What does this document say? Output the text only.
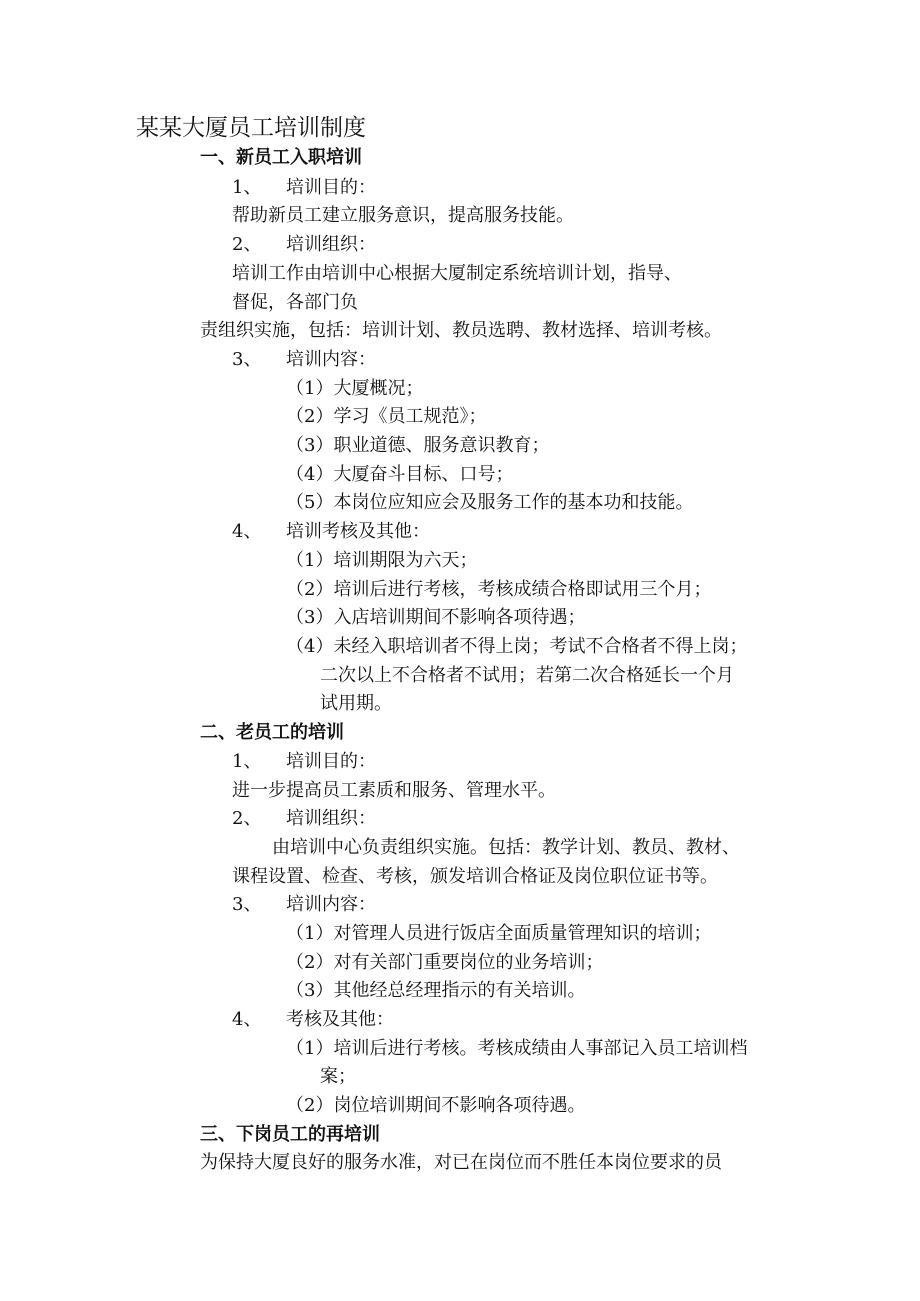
某某大厦员工培训制度
一、新员工入职培训
1、 培训目的：
帮助新员工建立服务意识，提高服务技能。
2、 培训组织：
培训工作由培训中心根据大厦制定系统培训计划，指导、
督促，各部门负
责组织实施，包括：培训计划、教员选聘、教材选择、培训考核。
3、 培训内容：
（1）大厦概况；
（2）学习《员工规范》；
（3）职业道德、服务意识教育；
（4）大厦奋斗目标、口号；
（5）本岗位应知应会及服务工作的基本功和技能。
4、 培训考核及其他：
（1）培训期限为六天；
（2）培训后进行考核，考核成绩合格即试用三个月；
（3）入店培训期间不影响各项待遇；
（4）未经入职培训者不得上岗；考试不合格者不得上岗；
二次以上不合格者不试用；若第二次合格延长一个月
试用期。
二、老员工的培训
1、 培训目的：
进一步提高员工素质和服务、管理水平。
2、 培训组织：
由培训中心负责组织实施。包括：教学计划、教员、教材、
课程设置、检查、考核，颁发培训合格证及岗位职位证书等。
3、 培训内容：
（1）对管理人员进行饭店全面质量管理知识的培训；
（2）对有关部门重要岗位的业务培训；
（3）其他经总经理指示的有关培训。
4、 考核及其他：
（1）培训后进行考核。考核成绩由人事部记入员工培训档
案；
（2）岗位培训期间不影响各项待遇。
三、下岗员工的再培训
为保持大厦良好的服务水准，对已在岗位而不胜任本岗位要求的员
